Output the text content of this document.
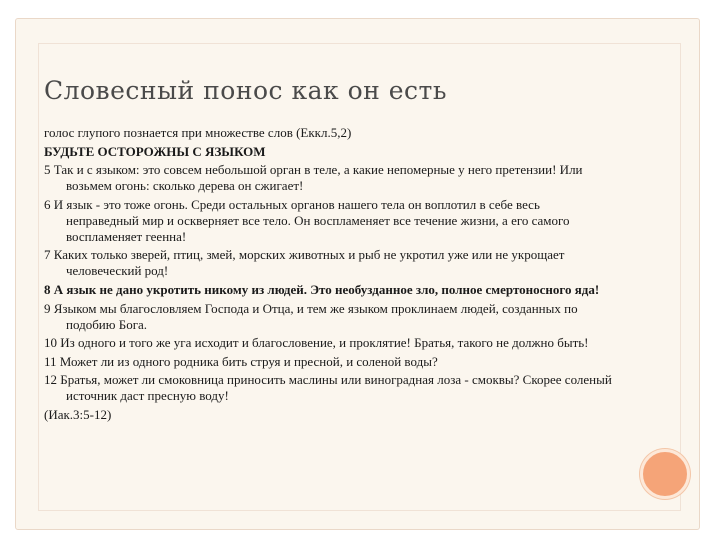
Словесный понос как он есть

голос глупого познается при множестве слов (Еккл.5,2)

БУДЬТЕ ОСТОРОЖНЫ С ЯЗЫКОМ

5 Так и с языком: это совсем небольшой орган в теле, а какие непомерные у него претензии! Или возьмем огонь: сколько дерева он сжигает!

6 И язык - это тоже огонь. Среди остальных органов нашего тела он воплотил в себе весь неправедный мир и оскверняет все тело. Он воспламеняет все течение жизни, а его самого воспламеняет геенна!

7 Каких только зверей, птиц, змей, морских животных и рыб не укротил уже или не укрощает человеческий род!

8 А язык не дано укротить никому из людей. Это необузданное зло, полное смертоносного яда!

9 Языком мы благословляем Господа и Отца, и тем же языком проклинаем людей, созданных по подобию Бога.

10 Из одного и того же уга исходит и благословение, и проклятие! Братья, такого не должно быть!

11 Может ли из одного родника бить струя и пресной, и соленой воды?

12 Братья, может ли смоковница приносить маслины или виноградная лоза - смоквы? Скорее соленый источник даст пресную воду!

(Иак.3:5-12)
